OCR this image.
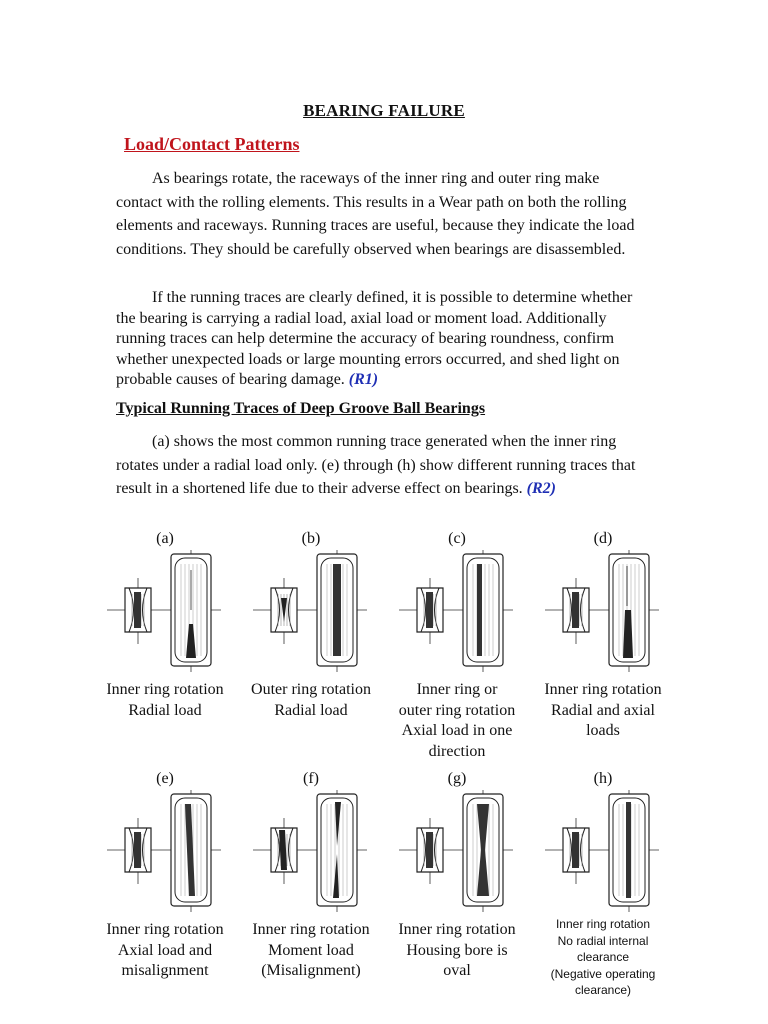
BEARING FAILURE
Load/Contact Patterns
As bearings rotate, the raceways of the inner ring and outer ring make contact with the rolling elements. This results in a Wear path on both the rolling elements and raceways. Running traces are useful, because they indicate the load conditions. They should be carefully observed when bearings are disassembled.
If the running traces are clearly defined, it is possible to determine whether the bearing is carrying a radial load, axial load or moment load. Additionally running traces can help determine the accuracy of bearing roundness, confirm whether unexpected loads or large mounting errors occurred, and shed light on probable causes of bearing damage. (R1)
Typical Running Traces of Deep Groove Ball Bearings
(a) shows the most common running trace generated when the inner ring rotates under a radial load only. (e) through (h) show different running traces that result in a shortened life due to their adverse effect on bearings. (R2)
(a)
Inner ring rotation
Radial load
(b)
Outer ring rotation
Radial load
(c)
Inner ring or
outer ring rotation
Axial load in one
direction
(d)
Inner ring rotation
Radial and axial
loads
(e)
Inner ring rotation
Axial load and
misalignment
(f)
Inner ring rotation
Moment load
(Misalignment)
(g)
Inner ring rotation
Housing bore is
oval
(h)
Inner ring rotation
No radial internal
clearance
(Negative operating
clearance)
